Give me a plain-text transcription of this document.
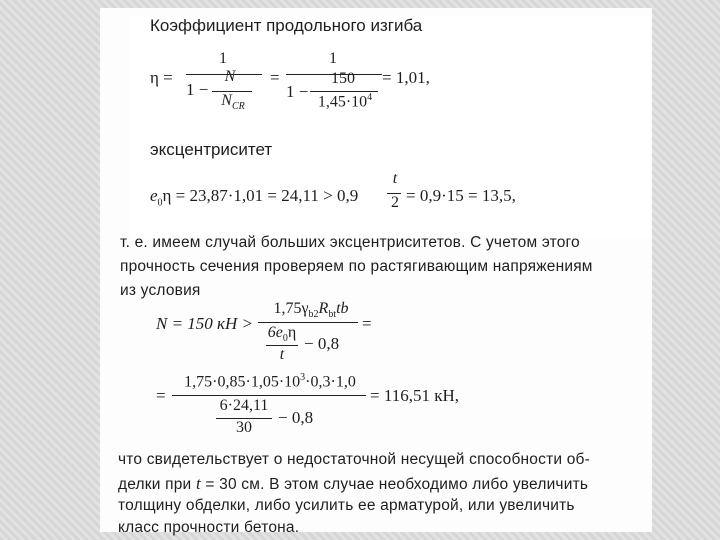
Коэффициент продольного изгиба
η =
1
1 −
N
$N_{CR}$
=
1
1 −
150
$1,45\cdot 10^4$
= 1,01,
эксцентриситет
$e_0\eta = 23,87\cdot 1,01 = 24,11 > 0,9$
t
2 = 0,9·15 = 13,5,
т. е. имеем случай больших эксцентриситетов. С учетом этого
прочность сечения проверяем по растягивающим напряжениям
из условия
N = 150 кН >
$1,75\gamma_{b2}R_{bt}tb$
$6e_0\eta$
t
− 0,8
=
=
$1,75\cdot 0,85\cdot 1,05\cdot 10^3\cdot 0,3\cdot 1,0$
6·24,11
30
− 0,8
= 116,51 кН,
что свидетельствует о недостаточной несущей способности об-
делки при t = 30 см. В этом случае необходимо либо увеличить
толщину обделки, либо усилить ее арматурой, или увеличить
класс прочности бетона.
